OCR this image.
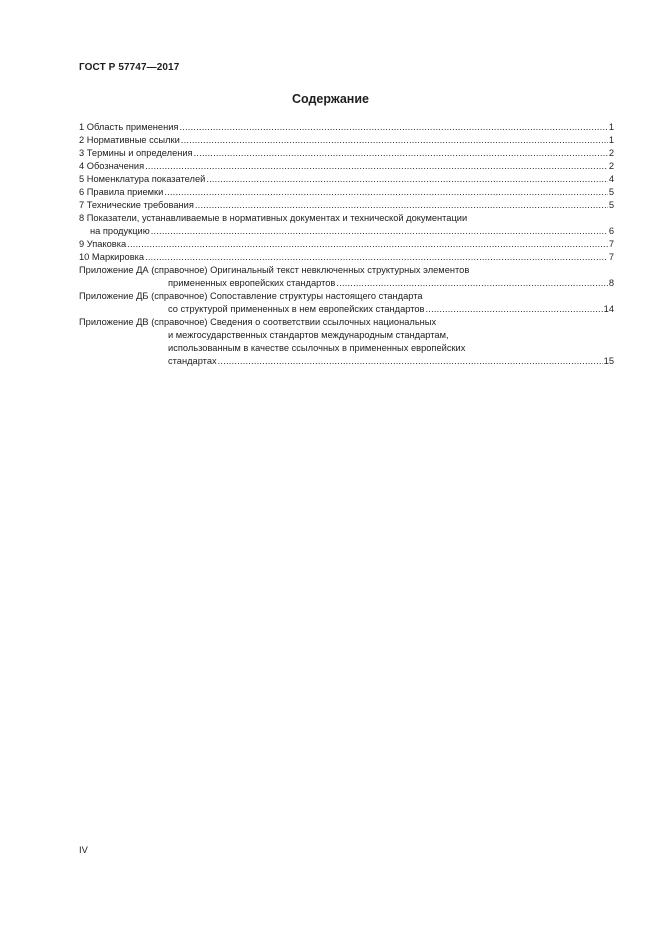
ГОСТ Р 57747—2017
Содержание
1 Область применения .....	1
2 Нормативные ссылки .....	1
3 Термины и определения .....	2
4 Обозначения .....	2
5 Номенклатура показателей .....	4
6 Правила приемки .....	5
7 Технические требования .....	5
8 Показатели, устанавливаемые в нормативных документах и технической документации
на продукцию .....	6
9 Упаковка .....	7
10 Маркировка .....	7
Приложение ДА (справочное) Оригинальный текст невключенных структурных элементов
примененных европейских стандартов .....	8
Приложение ДБ (справочное) Сопоставление структуры настоящего стандарта
со структурой примененных в нем европейских стандартов .....	14
Приложение ДВ (справочное) Сведения о соответствии ссылочных национальных
и межгосударственных стандартов международным стандартам,
использованным в качестве ссылочных в примененных европейских
стандартах .....	15
IV
